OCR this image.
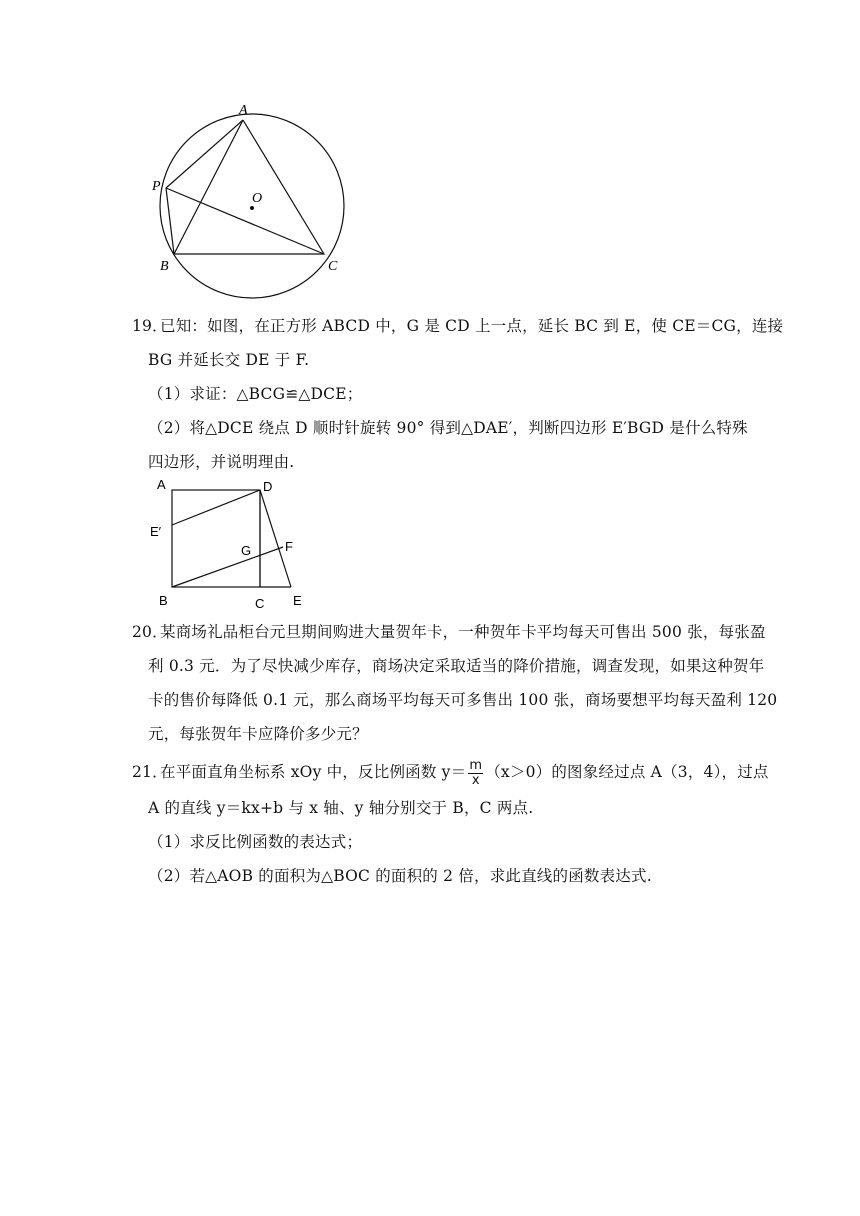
A
P
O
B	C
19．
已知：如图，在正方形 ABCD 中，G 是 CD 上一点，延长 BC 到 E，使 CE＝CG，连接
BG 并延长交 DE 于 F.
（1）求证：△BCG≌△DCE；
（2）将△DCE 绕点 D 顺时针旋转 90° 得到△DAE′，判断四边形 E′BGD 是什么特殊
四边形，并说明理由.
A	D
E′
G	F
B	C E
20．
某商场礼品柜台元旦期间购进大量贺年卡，一种贺年卡平均每天可售出 500 张，每张盈
利 0.3 元．为了尽快减少库存，商场决定采取适当的降价措施，调查发现，如果这种贺年
卡的售价每降低 0.1 元，那么商场平均每天可多售出 100 张，商场要想平均每天盈利 120
元，每张贺年卡应降价多少元？
21．
在平面直角坐标系 xOy 中，反比例函数 $y= \frac{m}{x} (x>0)$的图象经过点 A（3，4），过点
A 的直线 y＝kx+b 与 x 轴、y 轴分别交于 B，C 两点.
（1）求反比例函数的表达式；
（2）若△AOB 的面积为△BOC 的面积的 2 倍，求此直线的函数表达式.
